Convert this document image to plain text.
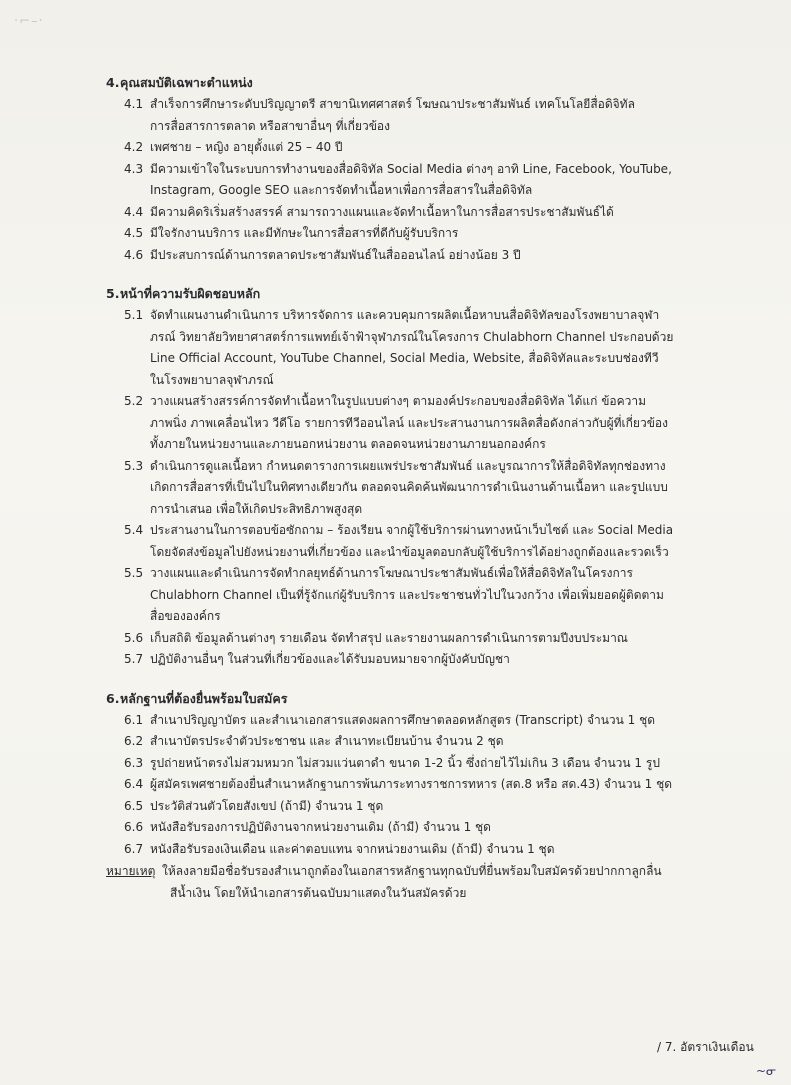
·⌐–·
4. คุณสมบัติเฉพาะตำแหน่ง
4.1 สำเร็จการศึกษาระดับปริญญาตรี สาขานิเทศศาสตร์ โฆษณาประชาสัมพันธ์ เทคโนโลยีสื่อดิจิทัล
การสื่อสารการตลาด หรือสาขาอื่นๆ ที่เกี่ยวข้อง
4.2 เพศชาย – หญิง อายุตั้งแต่ 25 – 40 ปี
4.3 มีความเข้าใจในระบบการทำงานของสื่อดิจิทัล Social Media ต่างๆ อาทิ Line, Facebook, YouTube,
Instagram, Google SEO และการจัดทำเนื้อหาเพื่อการสื่อสารในสื่อดิจิทัล
4.4 มีความคิดริเริ่มสร้างสรรค์ สามารถวางแผนและจัดทำเนื้อหาในการสื่อสารประชาสัมพันธ์ได้
4.5 มีใจรักงานบริการ และมีทักษะในการสื่อสารที่ดีกับผู้รับบริการ
4.6 มีประสบการณ์ด้านการตลาดประชาสัมพันธ์ในสื่อออนไลน์ อย่างน้อย 3 ปี
5. หน้าที่ความรับผิดชอบหลัก
5.1 จัดทำแผนงานดำเนินการ บริหารจัดการ และควบคุมการผลิตเนื้อหาบนสื่อดิจิทัลของโรงพยาบาลจุฬา
ภรณ์ วิทยาลัยวิทยาศาสตร์การแพทย์เจ้าฟ้าจุฬาภรณ์ในโครงการ Chulabhorn Channel ประกอบด้วย
Line Official Account, YouTube Channel, Social Media, Website, สื่อดิจิทัลและระบบช่องทีวี
ในโรงพยาบาลจุฬาภรณ์
5.2 วางแผนสร้างสรรค์การจัดทำเนื้อหาในรูปแบบต่างๆ ตามองค์ประกอบของสื่อดิจิทัล ได้แก่ ข้อความ
ภาพนิ่ง ภาพเคลื่อนไหว วีดีโอ รายการทีวีออนไลน์ และประสานงานการผลิตสื่อดังกล่าวกับผู้ที่เกี่ยวข้อง
ทั้งภายในหน่วยงานและภายนอกหน่วยงาน ตลอดจนหน่วยงานภายนอกองค์กร
5.3 ดำเนินการดูแลเนื้อหา กำหนดตารางการเผยแพร่ประชาสัมพันธ์ และบูรณาการให้สื่อดิจิทัลทุกช่องทาง
เกิดการสื่อสารที่เป็นไปในทิศทางเดียวกัน ตลอดจนคิดค้นพัฒนาการดำเนินงานด้านเนื้อหา และรูปแบบ
การนำเสนอ เพื่อให้เกิดประสิทธิภาพสูงสุด
5.4 ประสานงานในการตอบข้อซักถาม – ร้องเรียน จากผู้ใช้บริการผ่านทางหน้าเว็บไซต์ และ Social Media
โดยจัดส่งข้อมูลไปยังหน่วยงานที่เกี่ยวข้อง และนำข้อมูลตอบกลับผู้ใช้บริการได้อย่างถูกต้องและรวดเร็ว
5.5 วางแผนและดำเนินการจัดทำกลยุทธ์ด้านการโฆษณาประชาสัมพันธ์เพื่อให้สื่อดิจิทัลในโครงการ
Chulabhorn Channel เป็นที่รู้จักแก่ผู้รับบริการ และประชาชนทั่วไปในวงกว้าง เพื่อเพิ่มยอดผู้ติดตาม
สื่อขององค์กร
5.6 เก็บสถิติ ข้อมูลด้านต่างๆ รายเดือน จัดทำสรุป และรายงานผลการดำเนินการตามปีงบประมาณ
5.7 ปฏิบัติงานอื่นๆ ในส่วนที่เกี่ยวข้องและได้รับมอบหมายจากผู้บังคับบัญชา
6. หลักฐานที่ต้องยื่นพร้อมใบสมัคร
6.1 สำเนาปริญญาบัตร และสำเนาเอกสารแสดงผลการศึกษาตลอดหลักสูตร (Transcript) จำนวน 1 ชุด
6.2 สำเนาบัตรประจำตัวประชาชน และ สำเนาทะเบียนบ้าน จำนวน 2 ชุด
6.3 รูปถ่ายหน้าตรงไม่สวมหมวก ไม่สวมแว่นตาดำ ขนาด 1-2 นิ้ว ซึ่งถ่ายไว้ไม่เกิน 3 เดือน จำนวน 1 รูป
6.4 ผู้สมัครเพศชายต้องยื่นสำเนาหลักฐานการพ้นภาระทางราชการทหาร (สด.8 หรือ สด.43) จำนวน 1 ชุด
6.5 ประวัติส่วนตัวโดยสังเขป (ถ้ามี) จำนวน 1 ชุด
6.6 หนังสือรับรองการปฏิบัติงานจากหน่วยงานเดิม (ถ้ามี) จำนวน 1 ชุด
6.7 หนังสือรับรองเงินเดือน และค่าตอบแทน จากหน่วยงานเดิม (ถ้ามี) จำนวน 1 ชุด
หมายเหตุ ให้ลงลายมือชื่อรับรองสำเนาถูกต้องในเอกสารหลักฐานทุกฉบับที่ยื่นพร้อมใบสมัครด้วยปากกาลูกลื่น
สีน้ำเงิน โดยให้นำเอกสารต้นฉบับมาแสดงในวันสมัครด้วย
/ 7. อัตราเงินเดือน
~ᓂ
